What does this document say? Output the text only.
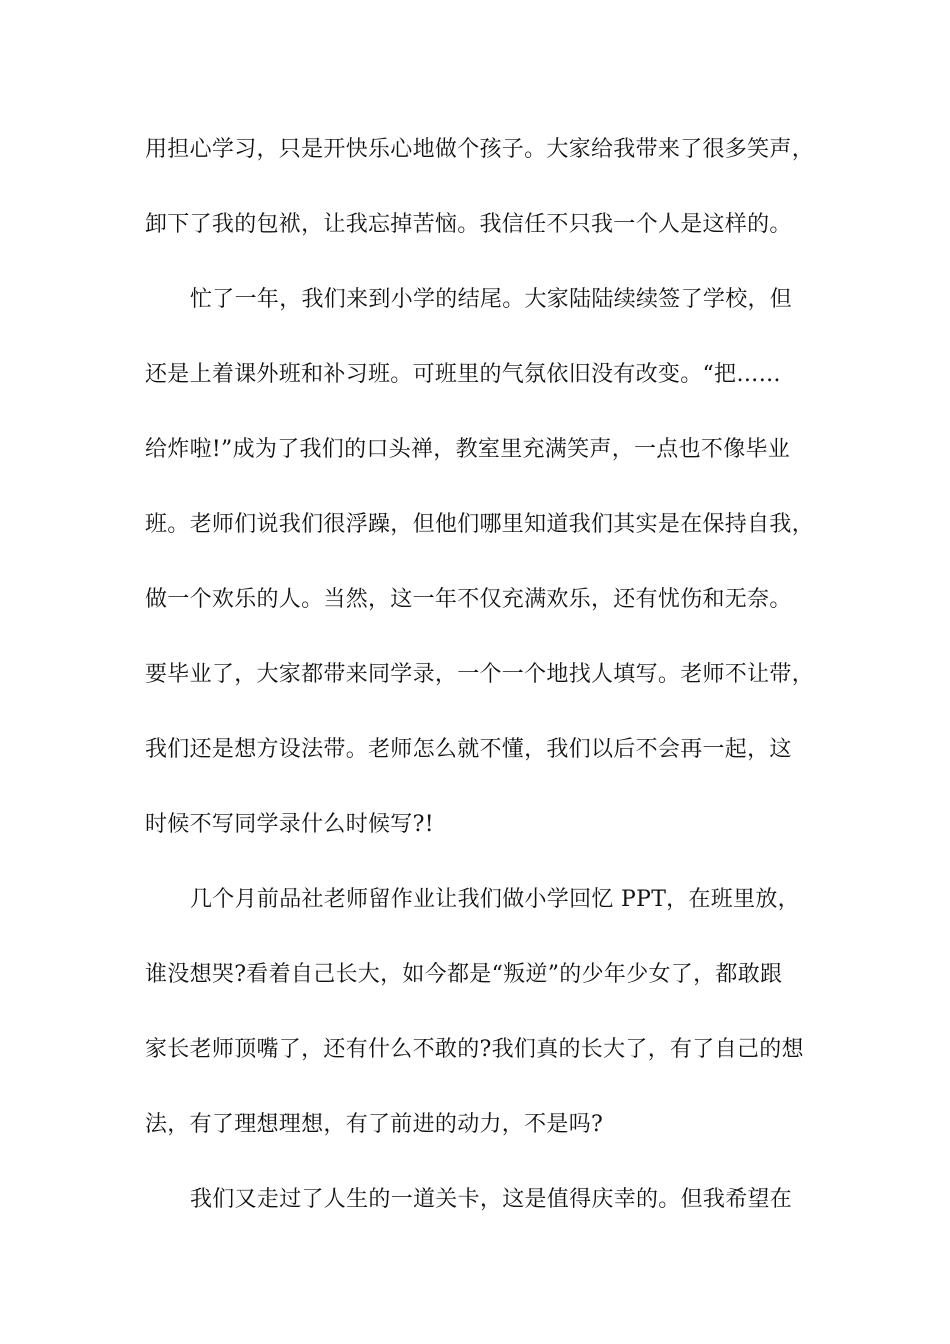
用担心学习，只是开快乐心地做个孩子。大家给我带来了很多笑声，
卸下了我的包袱，让我忘掉苦恼。我信任不只我一个人是这样的。
忙了一年，我们来到小学的结尾。大家陆陆续续签了学校，但
还是上着课外班和补习班。可班里的气氛依旧没有改变。“把……
给炸啦!”成为了我们的口头禅，教室里充满笑声，一点也不像毕业
班。老师们说我们很浮躁，但他们哪里知道我们其实是在保持自我，
做一个欢乐的人。当然，这一年不仅充满欢乐，还有忧伤和无奈。
要毕业了，大家都带来同学录，一个一个地找人填写。老师不让带，
我们还是想方设法带。老师怎么就不懂，我们以后不会再一起，这
时候不写同学录什么时候写?!
几个月前品社老师留作业让我们做小学回忆 PPT，在班里放，
谁没想哭?看着自己长大，如今都是“叛逆”的少年少女了，都敢跟
家长老师顶嘴了，还有什么不敢的?我们真的长大了，有了自己的想
法，有了理想理想，有了前进的动力，不是吗?
我们又走过了人生的一道关卡，这是值得庆幸的。但我希望在
